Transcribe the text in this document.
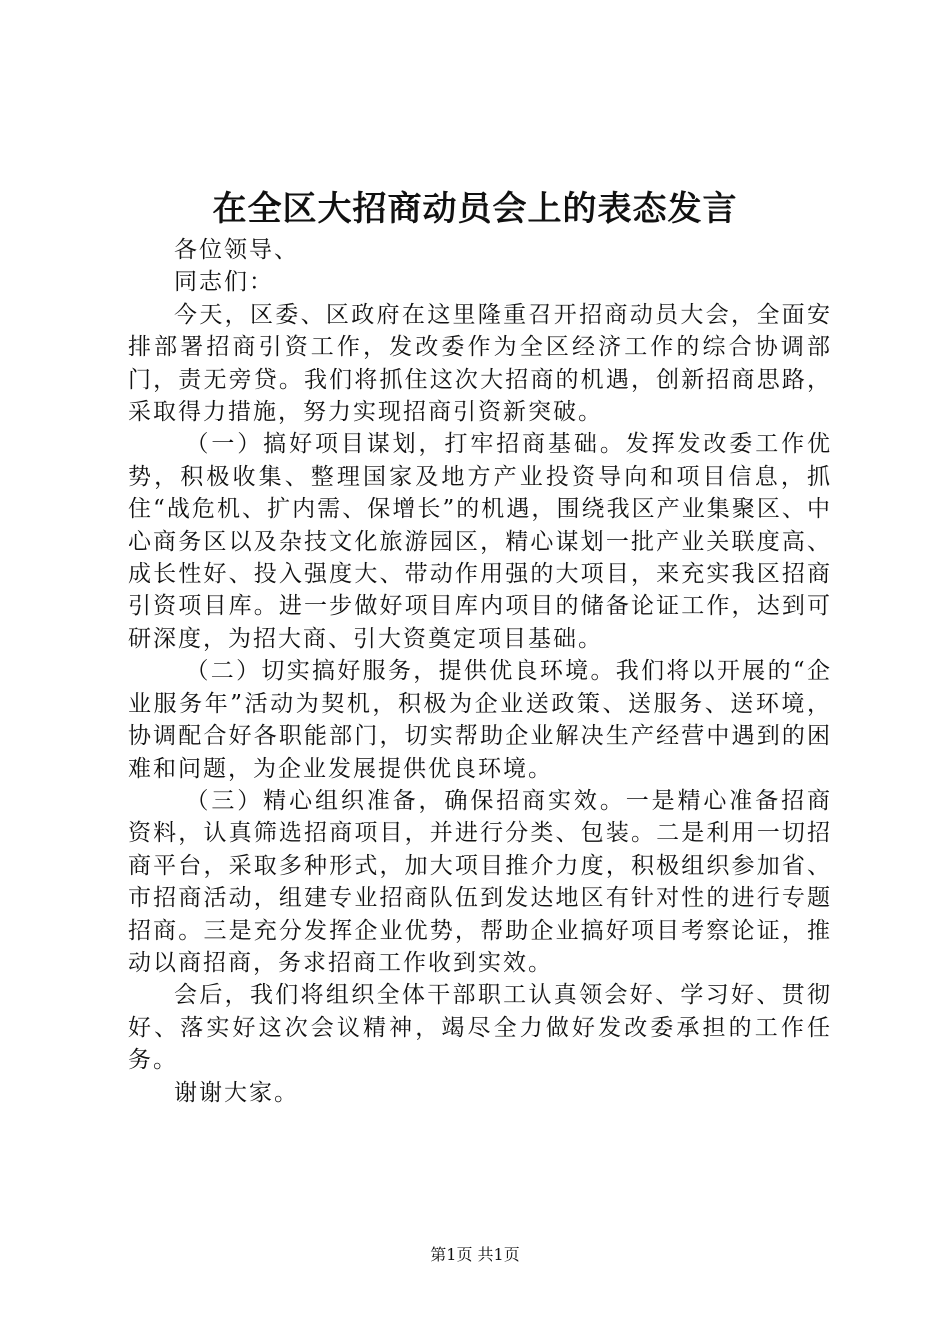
在全区大招商动员会上的表态发言

各位领导、

同志们：

今天，区委、区政府在这里隆重召开招商动员大会，全面安排部署招商引资工作，发改委作为全区经济工作的综合协调部门，责无旁贷。我们将抓住这次大招商的机遇，创新招商思路，采取得力措施，努力实现招商引资新突破。

（一）搞好项目谋划，打牢招商基础。发挥发改委工作优势，积极收集、整理国家及地方产业投资导向和项目信息，抓住“战危机、扩内需、保增长”的机遇，围绕我区产业集聚区、中心商务区以及杂技文化旅游园区，精心谋划一批产业关联度高、成长性好、投入强度大、带动作用强的大项目，来充实我区招商引资项目库。进一步做好项目库内项目的储备论证工作，达到可研深度，为招大商、引大资奠定项目基础。

（二）切实搞好服务，提供优良环境。我们将以开展的“企业服务年”活动为契机，积极为企业送政策、送服务、送环境，协调配合好各职能部门，切实帮助企业解决生产经营中遇到的困难和问题，为企业发展提供优良环境。

（三）精心组织准备，确保招商实效。一是精心准备招商资料，认真筛选招商项目，并进行分类、包装。二是利用一切招商平台，采取多种形式，加大项目推介力度，积极组织参加省、市招商活动，组建专业招商队伍到发达地区有针对性的进行专题招商。三是充分发挥企业优势，帮助企业搞好项目考察论证，推动以商招商，务求招商工作收到实效。

会后，我们将组织全体干部职工认真领会好、学习好、贯彻好、落实好这次会议精神，竭尽全力做好发改委承担的工作任务。

谢谢大家。

第1页 共1页
